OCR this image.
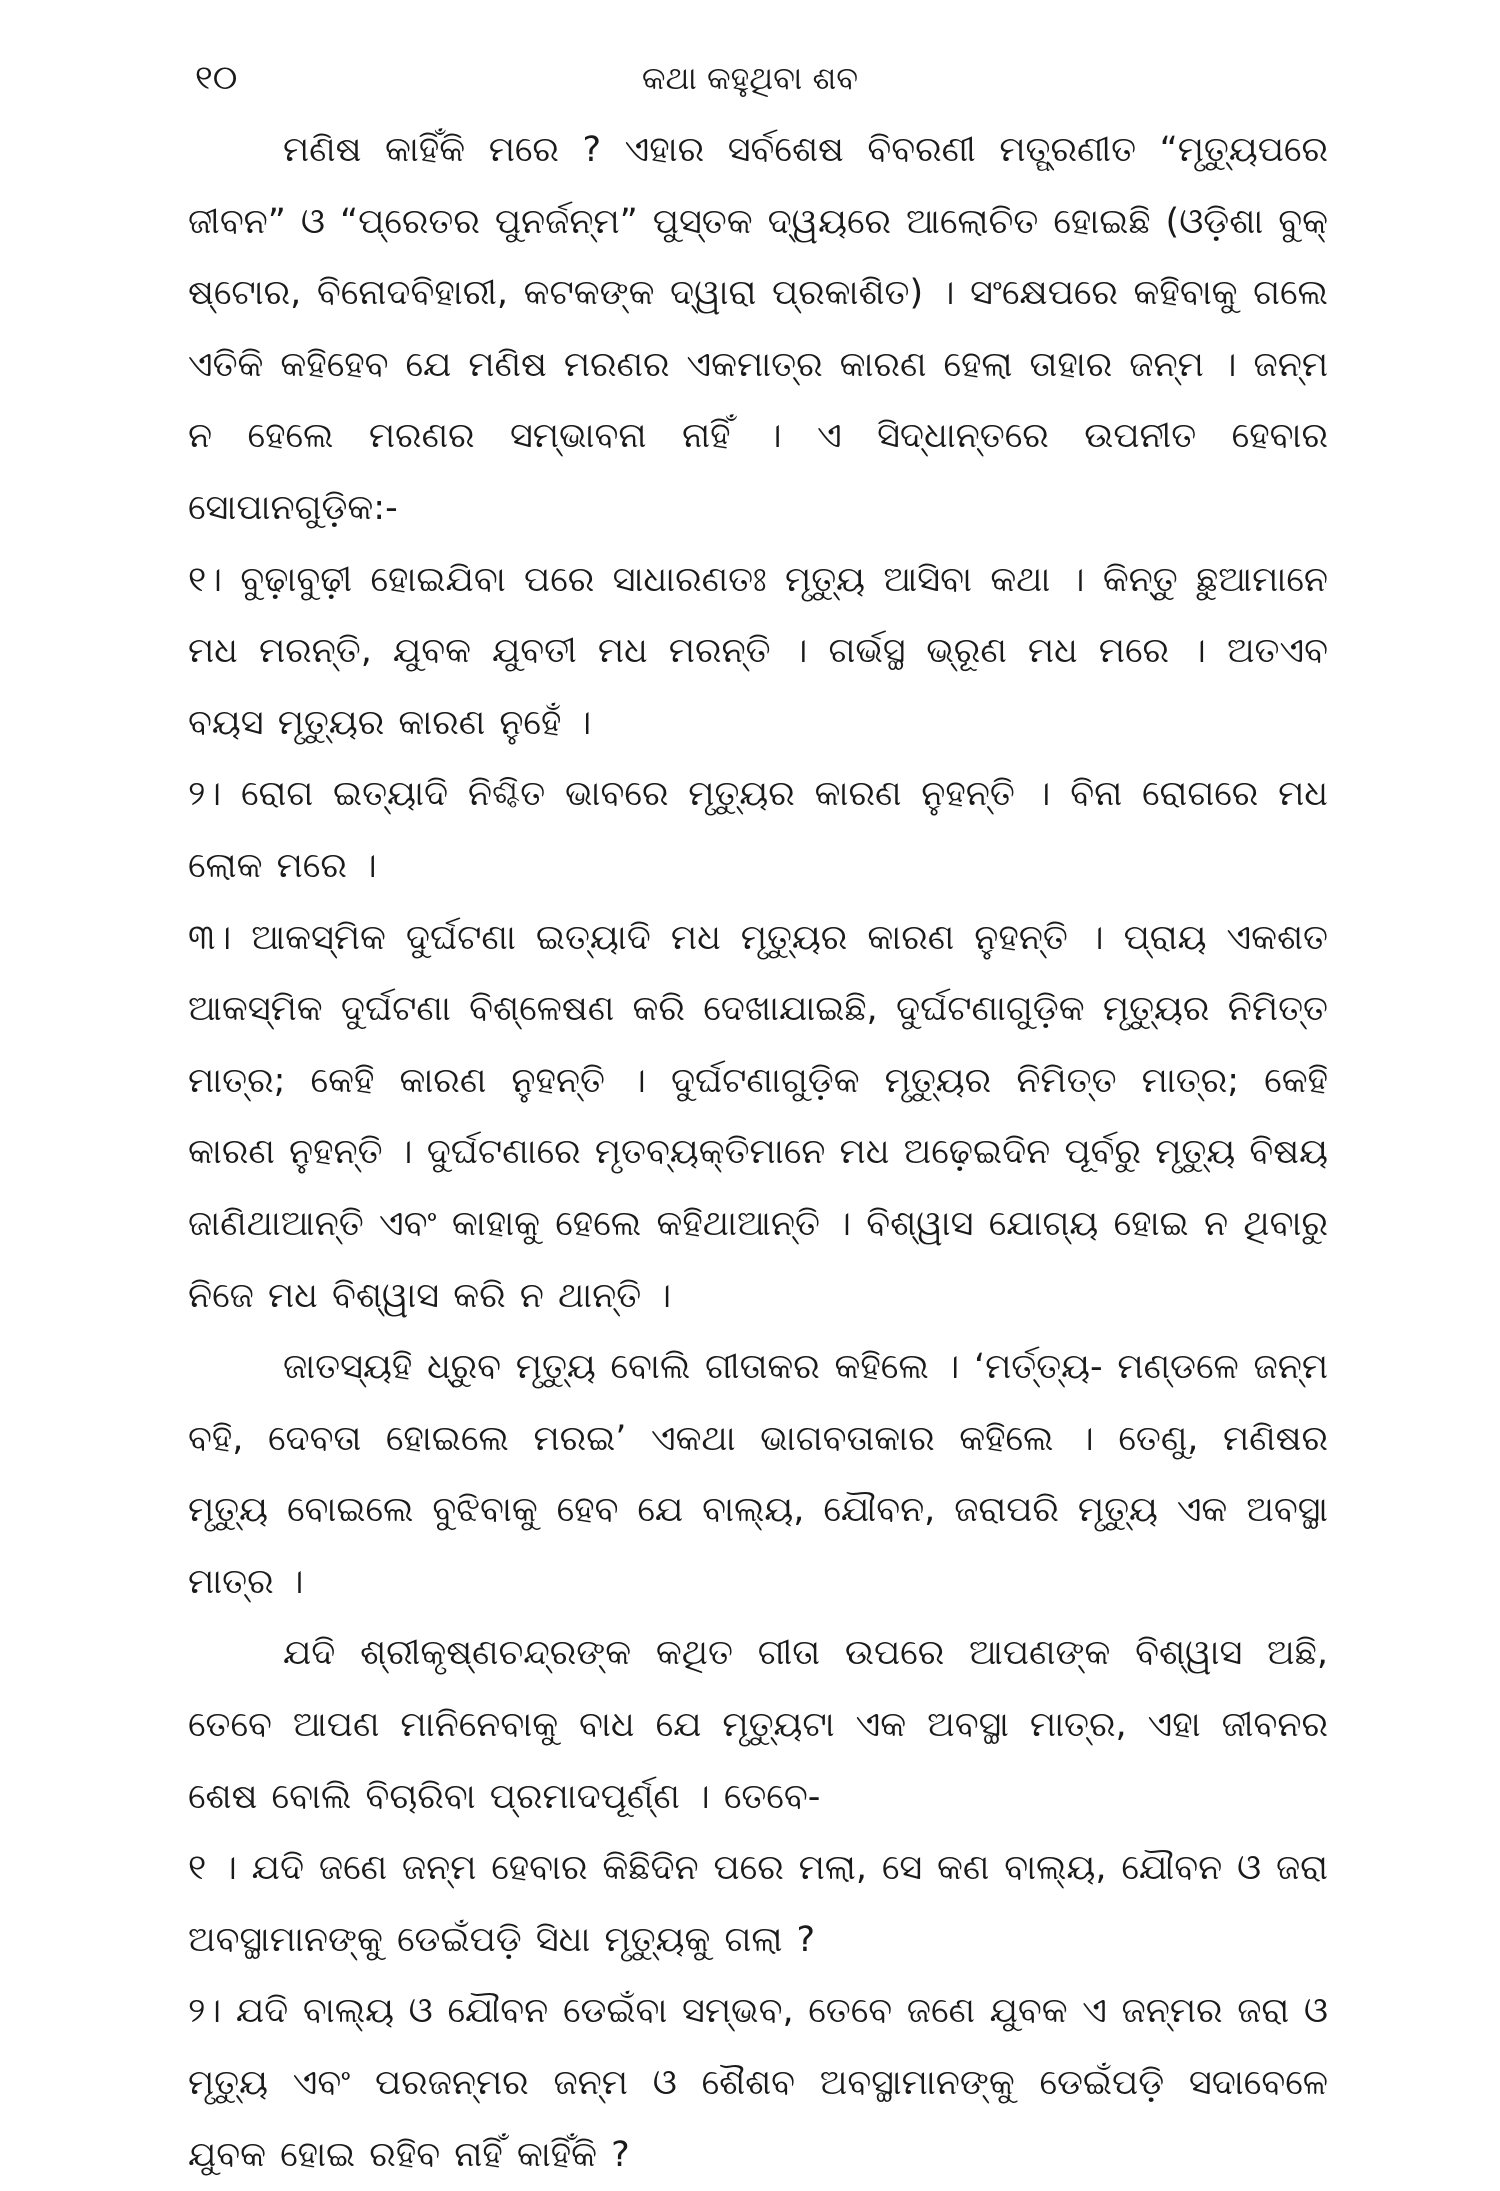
୧୦	କଥା କହୁଥିବା ଶବ

ମଣିଷ କାହିଁକି ମରେ ? ଏହାର ସର୍ବଶେଷ ବିବରଣୀ ମତ୍ପ୍ରଣୀତ “ମୃତ୍ୟୁପରେ ଜୀବନ” ଓ “ପ୍ରେତର ପୁନର୍ଜନ୍ମ” ପୁସ୍ତକ ଦ୍ୱୟରେ ଆଲୋଚିତ ହୋଇଛି (ଓଡ଼ିଶା ବୁକ୍ ଷ୍ଟୋର, ବିନୋଦବିହାରୀ, କଟକଙ୍କ ଦ୍ୱାରା ପ୍ରକାଶିତ) । ସଂକ୍ଷେପରେ କହିବାକୁ ଗଲେ ଏତିକି କହିହେବ ଯେ ମଣିଷ ମରଣର ଏକମାତ୍ର କାରଣ ହେଲା ତାହାର ଜନ୍ମ । ଜନ୍ମ ନ ହେଲେ ମରଣର ସମ୍ଭାବନା ନାହିଁ । ଏ ସିଦ୍ଧାନ୍ତରେ ଉପନୀତ ହେବାର ସୋପାନଗୁଡ଼ିକ:-

୧। ବୁଢ଼ାବୁଢ଼ୀ ହୋଇଯିବା ପରେ ସାଧାରଣତଃ ମୃତ୍ୟୁ ଆସିବା କଥା । କିନ୍ତୁ ଛୁଆମାନେ ମଧ ମରନ୍ତି, ଯୁବକ ଯୁବତୀ ମଧ ମରନ୍ତି । ଗର୍ଭସ୍ଥ ଭ୍ରୂଣ ମଧ ମରେ । ଅତଏବ ବୟସ ମୃତ୍ୟୁର କାରଣ ନୁହେଁ ।

୨। ରୋଗ ଇତ୍ୟାଦି ନିଶ୍ଚିତ ଭାବରେ ମୃତ୍ୟୁର କାରଣ ନୁହନ୍ତି । ବିନା ରୋଗରେ ମଧ ଲୋକ ମରେ ।

୩। ଆକସ୍ମିକ ଦୁର୍ଘଟଣା ଇତ୍ୟାଦି ମଧ ମୃତ୍ୟୁର କାରଣ ନୁହନ୍ତି । ପ୍ରାୟ ଏକଶତ ଆକସ୍ମିକ ଦୁର୍ଘଟଣା ବିଶ୍ଳେଷଣ କରି ଦେଖାଯାଇଛି, ଦୁର୍ଘଟଣାଗୁଡ଼ିକ ମୃତ୍ୟୁର ନିମିତ୍ତ ମାତ୍ର; କେହି କାରଣ ନୁହନ୍ତି । ଦୁର୍ଘଟଣାଗୁଡ଼ିକ ମୃତ୍ୟୁର ନିମିତ୍ତ ମାତ୍ର; କେହି କାରଣ ନୁହନ୍ତି । ଦୁର୍ଘଟଣାରେ ମୃତବ୍ୟକ୍ତିମାନେ ମଧ ଅଢ଼େଇଦିନ ପୂର୍ବରୁ ମୃତ୍ୟୁ ବିଷୟ ଜାଣିଥାଆନ୍ତି ଏବଂ କାହାକୁ ହେଲେ କହିଥାଆନ୍ତି । ବିଶ୍ୱାସ ଯୋଗ୍ୟ ହୋଇ ନ ଥିବାରୁ ନିଜେ ମଧ ବିଶ୍ୱାସ କରି ନ ଥାନ୍ତି ।

ଜାତସ୍ୟହି ଧ୍ରୁବ ମୃତ୍ୟୁ ବୋଲି ଗୀତାକର କହିଲେ । ‘ମର୍ତ୍ତ୍ୟ- ମଣ୍ଡଳେ ଜନ୍ମ ବହି, ଦେବତା ହୋଇଲେ ମରଇ’ ଏକଥା ଭାଗବତାକାର କହିଲେ । ତେଣୁ, ମଣିଷର ମୃତ୍ୟୁ ବୋଇଲେ ବୁଝିବାକୁ ହେବ ଯେ ବାଲ୍ୟ, ଯୌବନ, ଜରାପରି ମୃତ୍ୟୁ ଏକ ଅବସ୍ଥା ମାତ୍ର ।

ଯଦି ଶ୍ରୀକୃଷ୍ଣଚନ୍ଦ୍ରଙ୍କ କଥିତ ଗୀତା ଉପରେ ଆପଣଙ୍କ ବିଶ୍ୱାସ ଅଛି, ତେବେ ଆପଣ ମାନିନେବାକୁ ବାଧ ଯେ ମୃତ୍ୟୁଟା ଏକ ଅବସ୍ଥା ମାତ୍ର, ଏହା ଜୀବନର ଶେଷ ବୋଲି ବିଚାରିବା ପ୍ରମାଦପୂର୍ଣ୍ଣ । ତେବେ-

୧ । ଯଦି ଜଣେ ଜନ୍ମ ହେବାର କିଛିଦିନ ପରେ ମଲା, ସେ କଣ ବାଲ୍ୟ, ଯୌବନ ଓ ଜରା ଅବସ୍ଥାମାନଙ୍କୁ ଡେଇଁପଡ଼ି ସିଧା ମୃତ୍ୟୁକୁ ଗଲା ?

୨। ଯଦି ବାଲ୍ୟ ଓ ଯୌବନ ଡେଇଁବା ସମ୍ଭବ, ତେବେ ଜଣେ ଯୁବକ ଏ ଜନ୍ମର ଜରା ଓ ମୃତ୍ୟୁ ଏବଂ ପରଜନ୍ମର ଜନ୍ମ ଓ ଶୈଶବ ଅବସ୍ଥାମାନଙ୍କୁ ଡେଇଁପଡ଼ି ସଦାବେଳେ ଯୁବକ ହୋଇ ରହିବ ନାହିଁ କାହିଁକି ?
